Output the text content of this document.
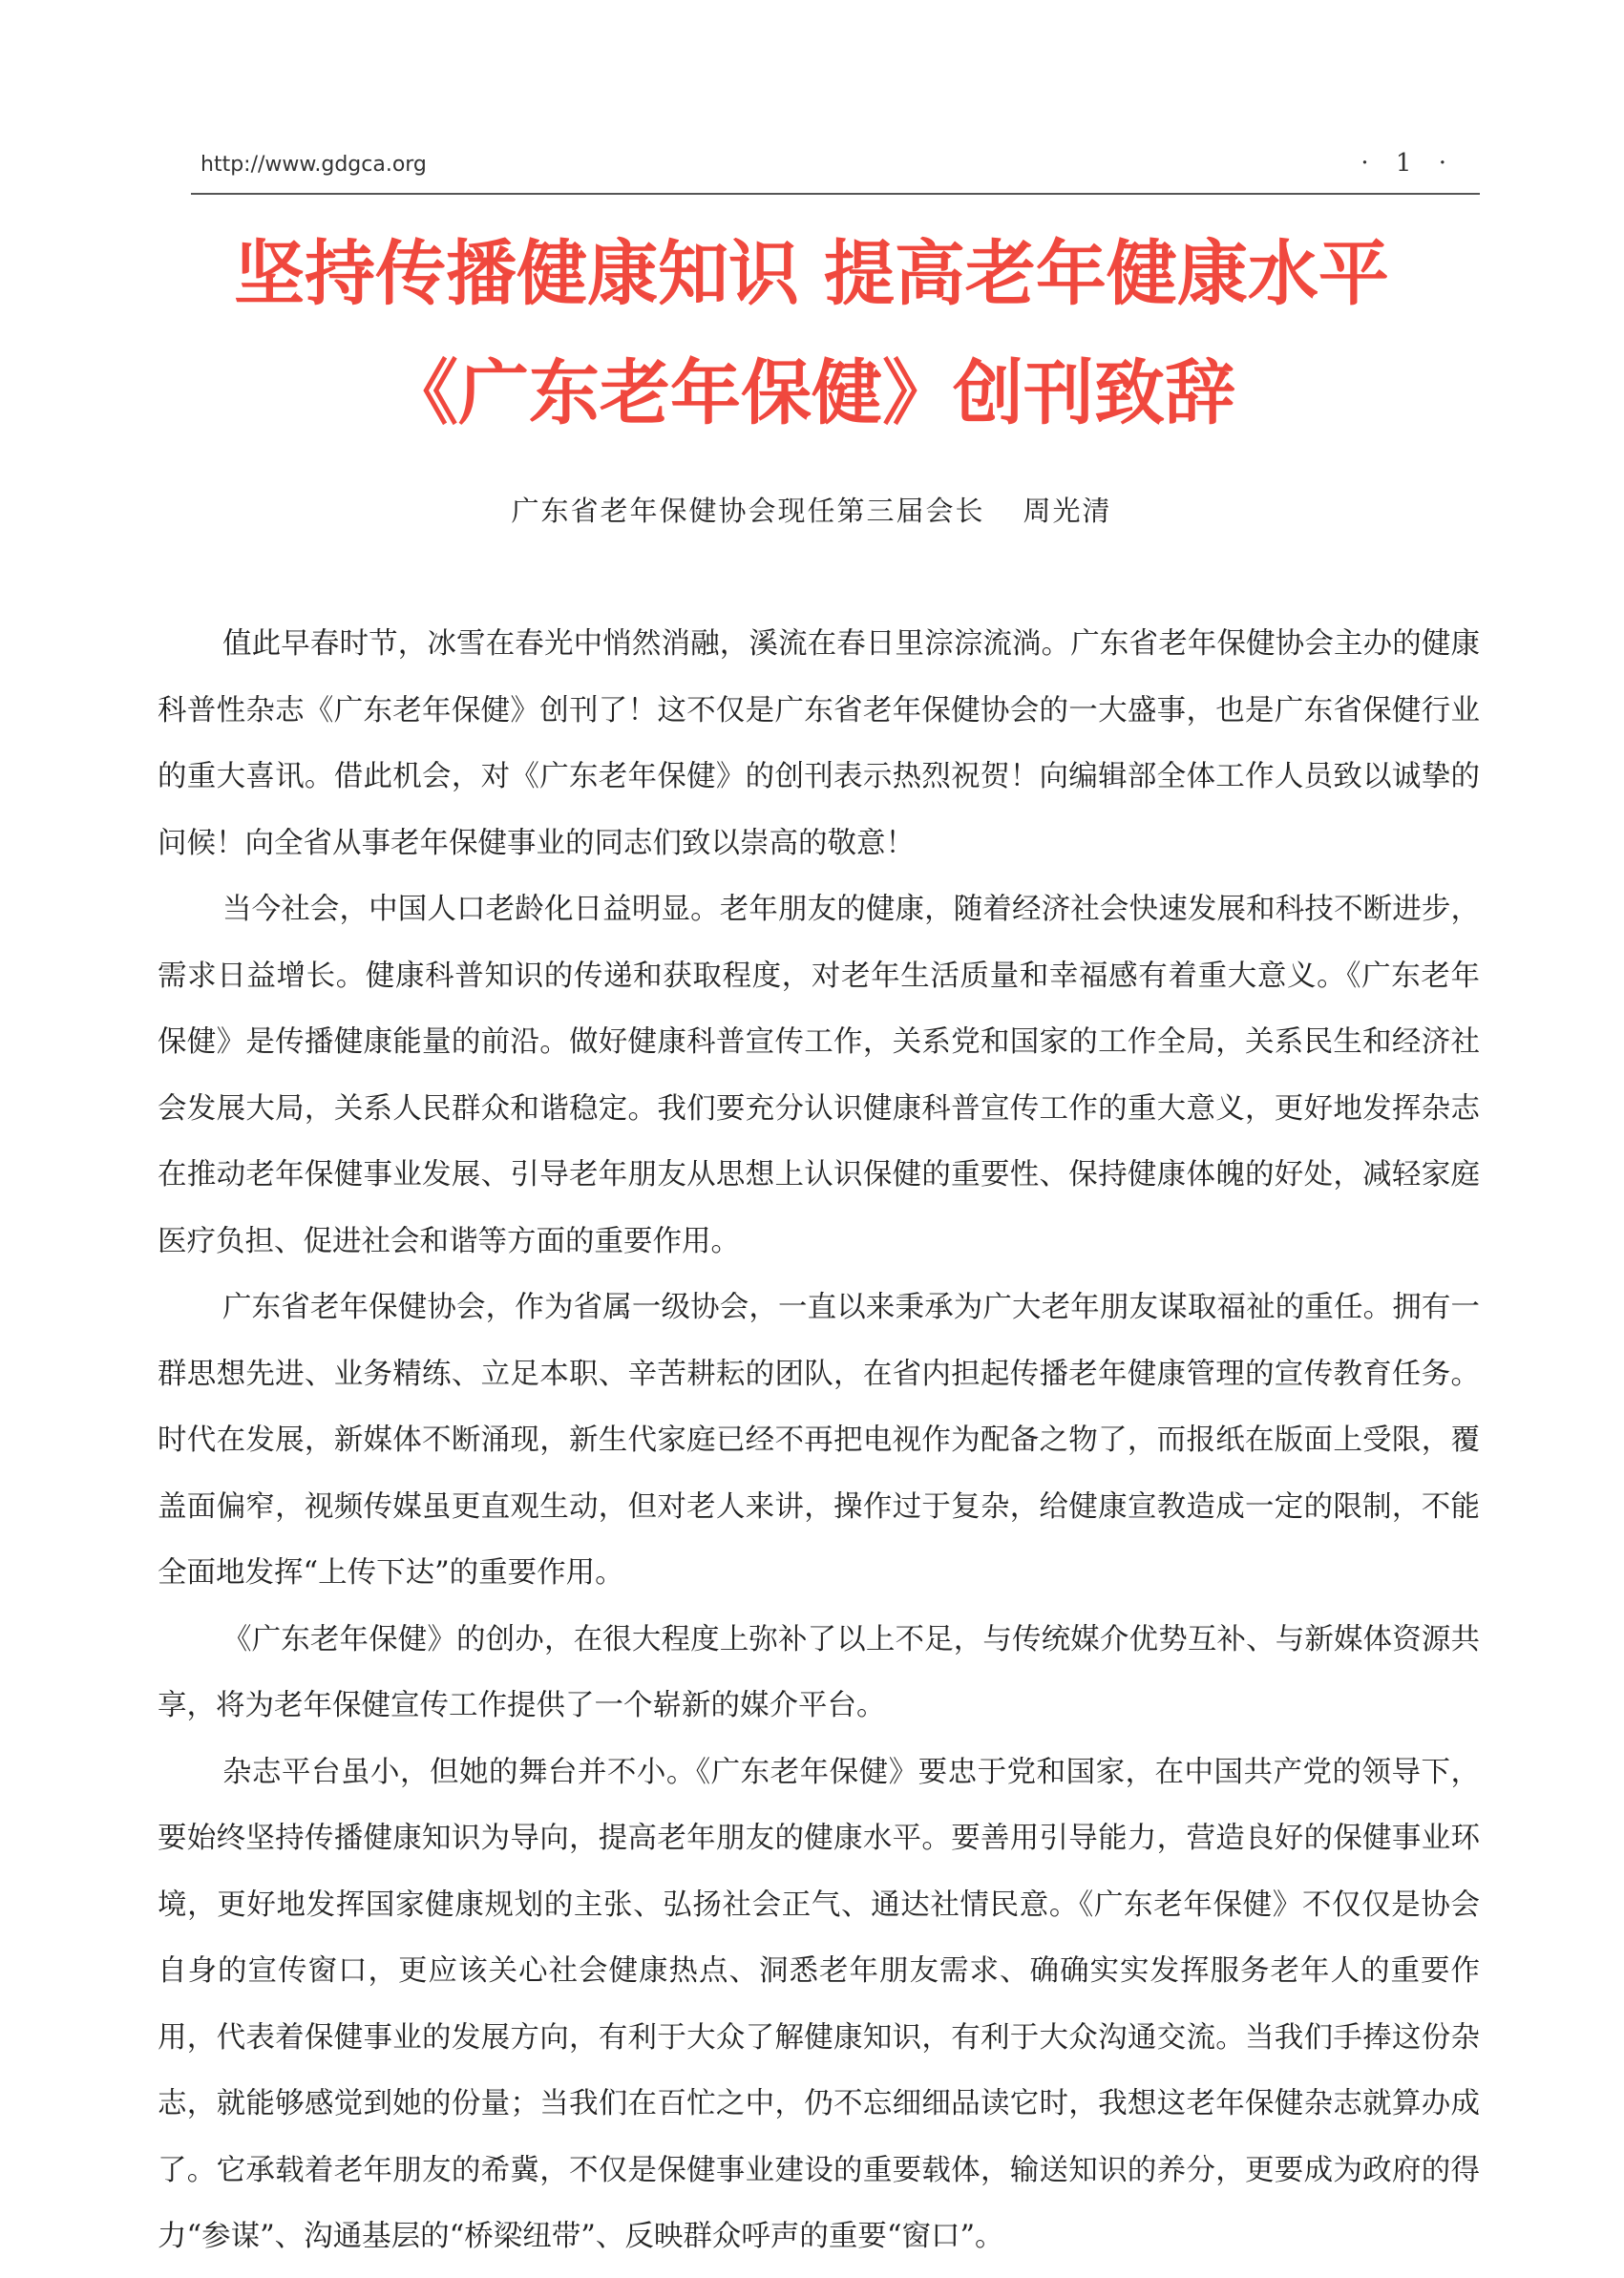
http://www.gdgca.org	· 1 ·
坚持传播健康知识 提高老年健康水平
《广东老年保健》创刊致辞
广东省老年保健协会现任第三届会长 周光清

值此早春时节，冰雪在春光中悄然消融，溪流在春日里淙淙流淌。广东省老年保健协会主办的健康科普性杂志《广东老年保健》创刊了！这不仅是广东省老年保健协会的一大盛事，也是广东省保健行业的重大喜讯。借此机会，对《广东老年保健》的创刊表示热烈祝贺！向编辑部全体工作人员致以诚挚的问候！向全省从事老年保健事业的同志们致以崇高的敬意！

当今社会，中国人口老龄化日益明显。老年朋友的健康，随着经济社会快速发展和科技不断进步，需求日益增长。健康科普知识的传递和获取程度，对老年生活质量和幸福感有着重大意义。《广东老年保健》是传播健康能量的前沿。做好健康科普宣传工作，关系党和国家的工作全局，关系民生和经济社会发展大局，关系人民群众和谐稳定。我们要充分认识健康科普宣传工作的重大意义，更好地发挥杂志在推动老年保健事业发展、引导老年朋友从思想上认识保健的重要性、保持健康体魄的好处，减轻家庭医疗负担、促进社会和谐等方面的重要作用。

广东省老年保健协会，作为省属一级协会，一直以来秉承为广大老年朋友谋取福祉的重任。拥有一群思想先进、业务精练、立足本职、辛苦耕耘的团队，在省内担起传播老年健康管理的宣传教育任务。时代在发展，新媒体不断涌现，新生代家庭已经不再把电视作为配备之物了，而报纸在版面上受限，覆盖面偏窄，视频传媒虽更直观生动，但对老人来讲，操作过于复杂，给健康宣教造成一定的限制，不能全面地发挥“上传下达”的重要作用。

《广东老年保健》的创办，在很大程度上弥补了以上不足，与传统媒介优势互补、与新媒体资源共享，将为老年保健宣传工作提供了一个崭新的媒介平台。

杂志平台虽小，但她的舞台并不小。《广东老年保健》要忠于党和国家，在中国共产党的领导下，要始终坚持传播健康知识为导向，提高老年朋友的健康水平。要善用引导能力，营造良好的保健事业环境，更好地发挥国家健康规划的主张、弘扬社会正气、通达社情民意。《广东老年保健》不仅仅是协会自身的宣传窗口，更应该关心社会健康热点、洞悉老年朋友需求、确确实实发挥服务老年人的重要作用，代表着保健事业的发展方向，有利于大众了解健康知识，有利于大众沟通交流。当我们手捧这份杂志，就能够感觉到她的份量；当我们在百忙之中，仍不忘细细品读它时，我想这老年保健杂志就算办成了。它承载着老年朋友的希冀，不仅是保健事业建设的重要载体，输送知识的养分，更要成为政府的得力“参谋”、沟通基层的“桥梁纽带”、反映群众呼声的重要“窗口”。
